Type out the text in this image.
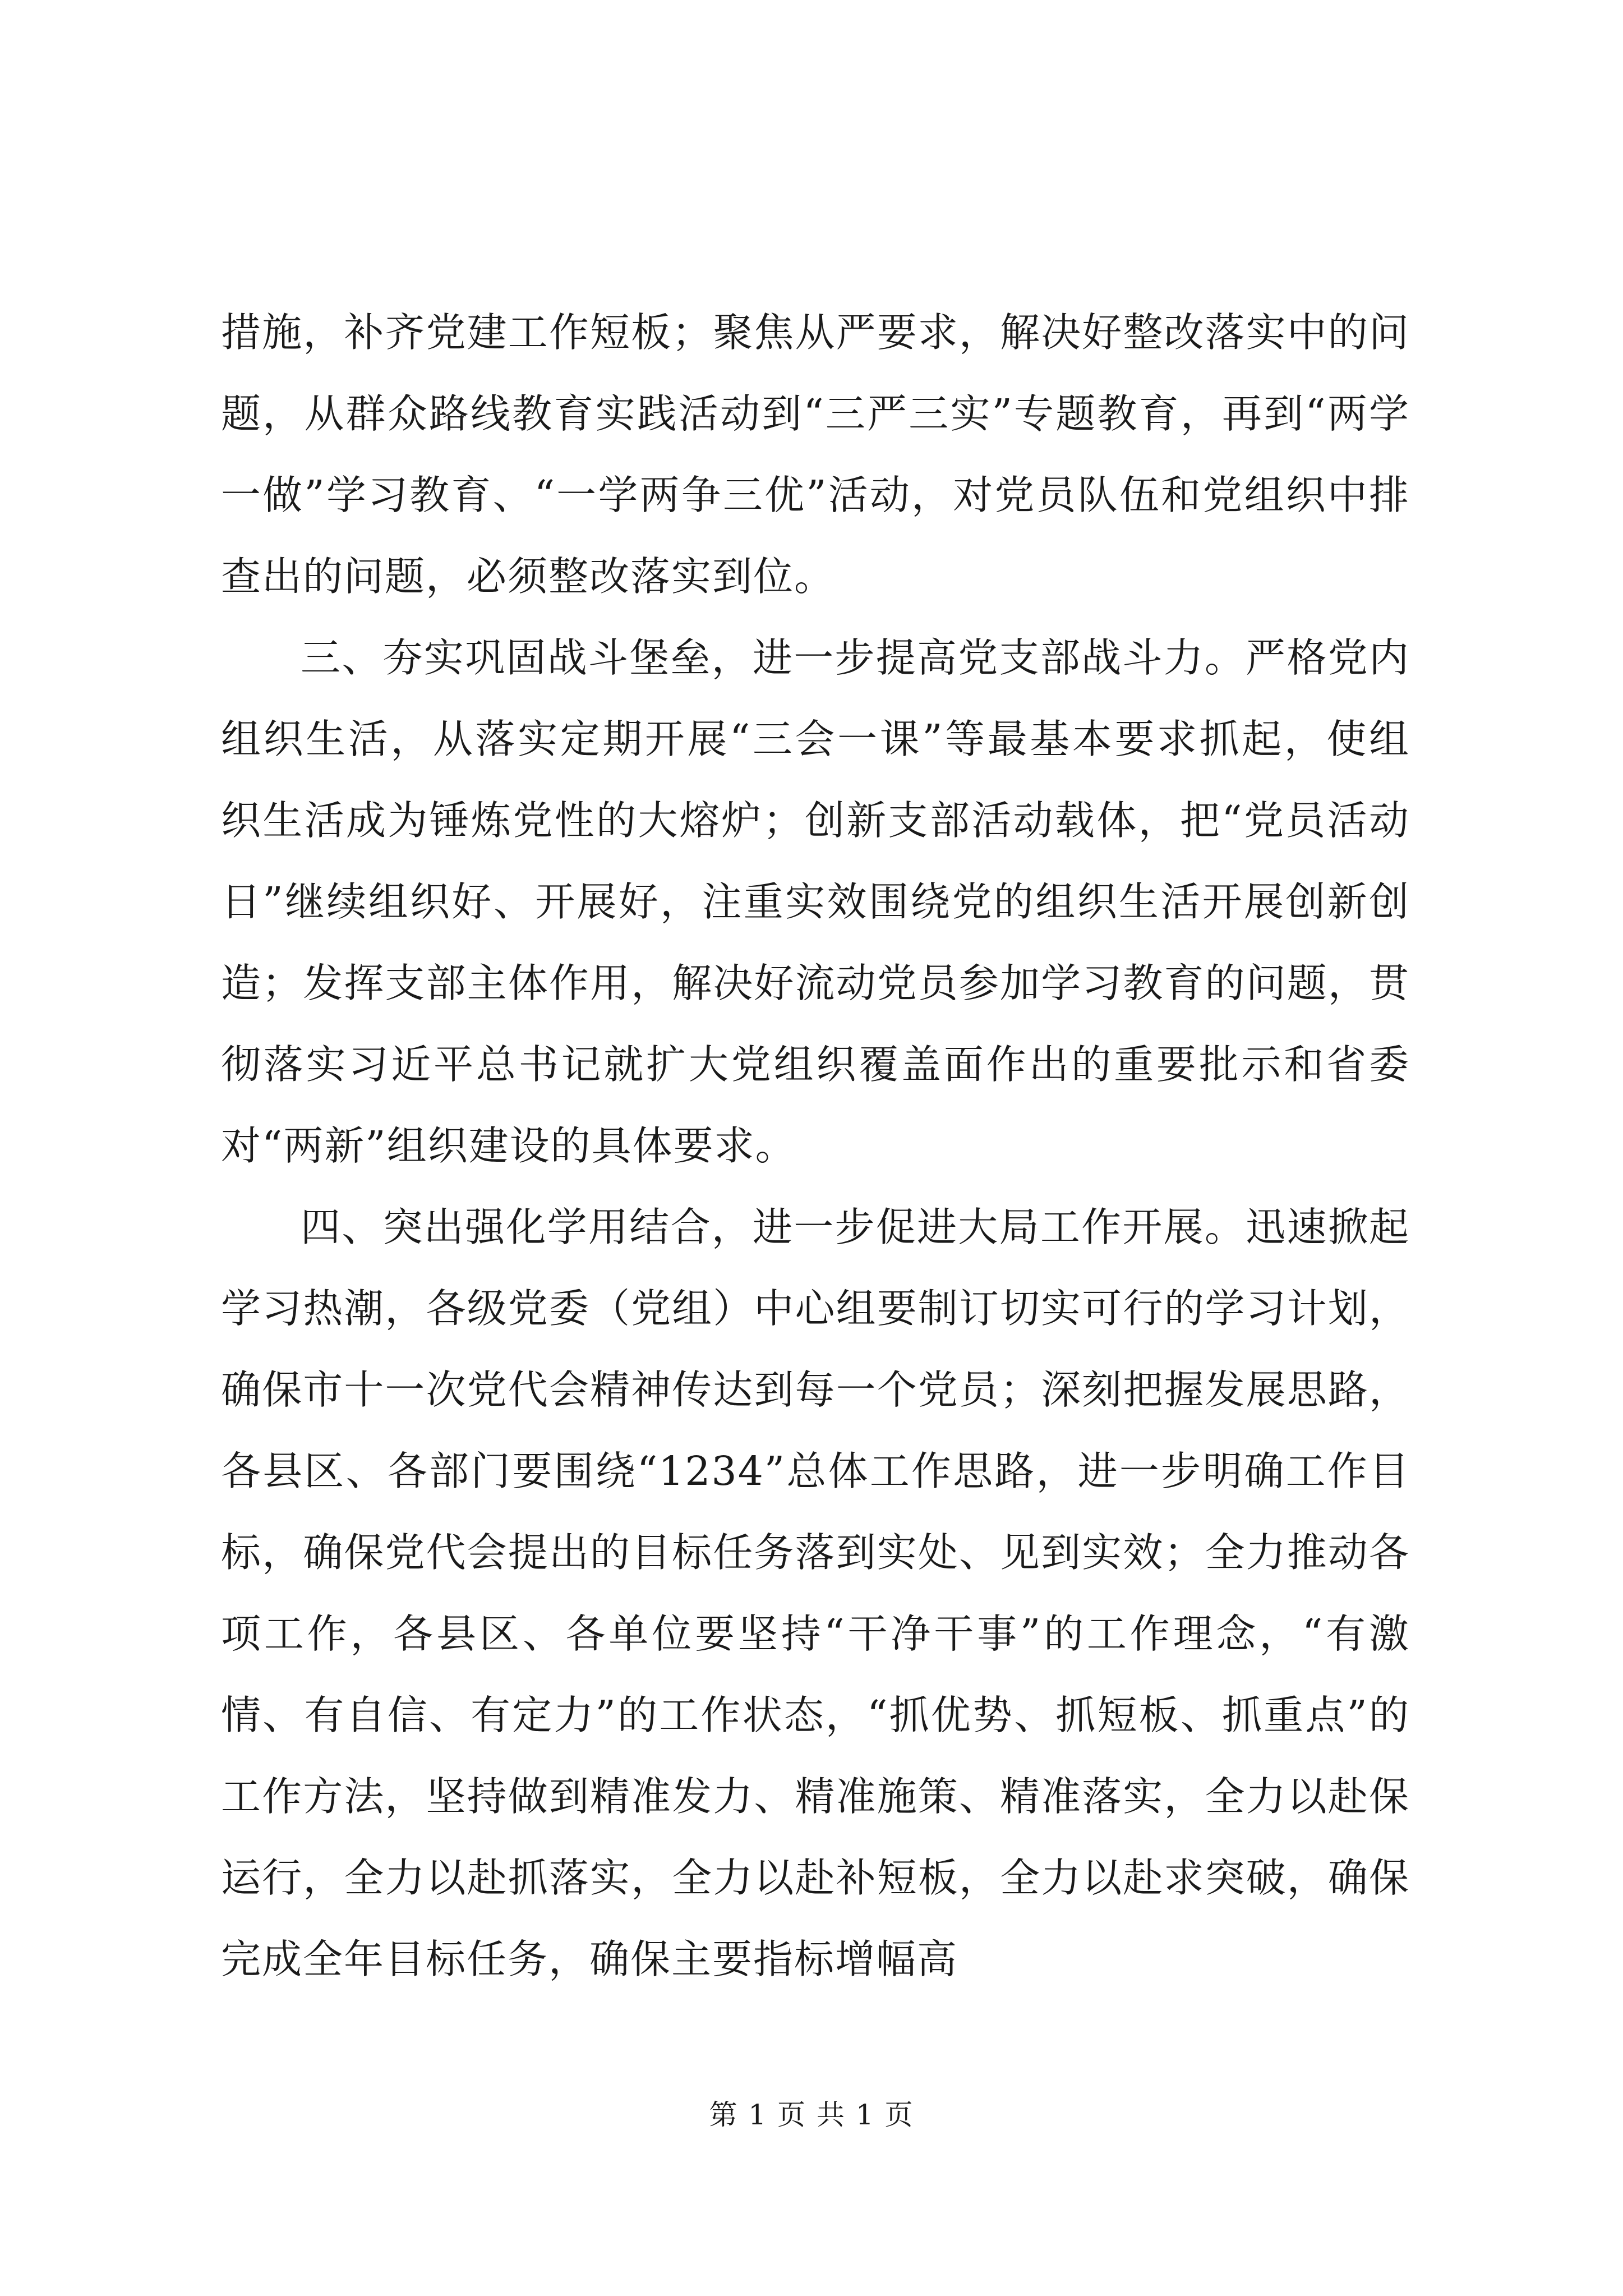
措施，补齐党建工作短板；聚焦从严要求，解决好整改落实中的问题，从群众路线教育实践活动到“三严三实”专题教育，再到“两学一做”学习教育、“一学两争三优”活动，对党员队伍和党组织中排查出的问题，必须整改落实到位。

三、夯实巩固战斗堡垒，进一步提高党支部战斗力。严格党内组织生活，从落实定期开展“三会一课”等最基本要求抓起，使组织生活成为锤炼党性的大熔炉；创新支部活动载体，把“党员活动日”继续组织好、开展好，注重实效围绕党的组织生活开展创新创造；发挥支部主体作用，解决好流动党员参加学习教育的问题，贯彻落实习近平总书记就扩大党组织覆盖面作出的重要批示和省委对“两新”组织建设的具体要求。

四、突出强化学用结合，进一步促进大局工作开展。迅速掀起学习热潮，各级党委（党组）中心组要制订切实可行的学习计划，确保市十一次党代会精神传达到每一个党员；深刻把握发展思路，各县区、各部门要围绕“1234”总体工作思路，进一步明确工作目标，确保党代会提出的目标任务落到实处、见到实效；全力推动各项工作，各县区、各单位要坚持“干净干事”的工作理念，“有激情、有自信、有定力”的工作状态，“抓优势、抓短板、抓重点”的工作方法，坚持做到精准发力、精准施策、精准落实，全力以赴保运行，全力以赴抓落实，全力以赴补短板，全力以赴求突破，确保完成全年目标任务，确保主要指标增幅高

第 1 页 共 1 页
